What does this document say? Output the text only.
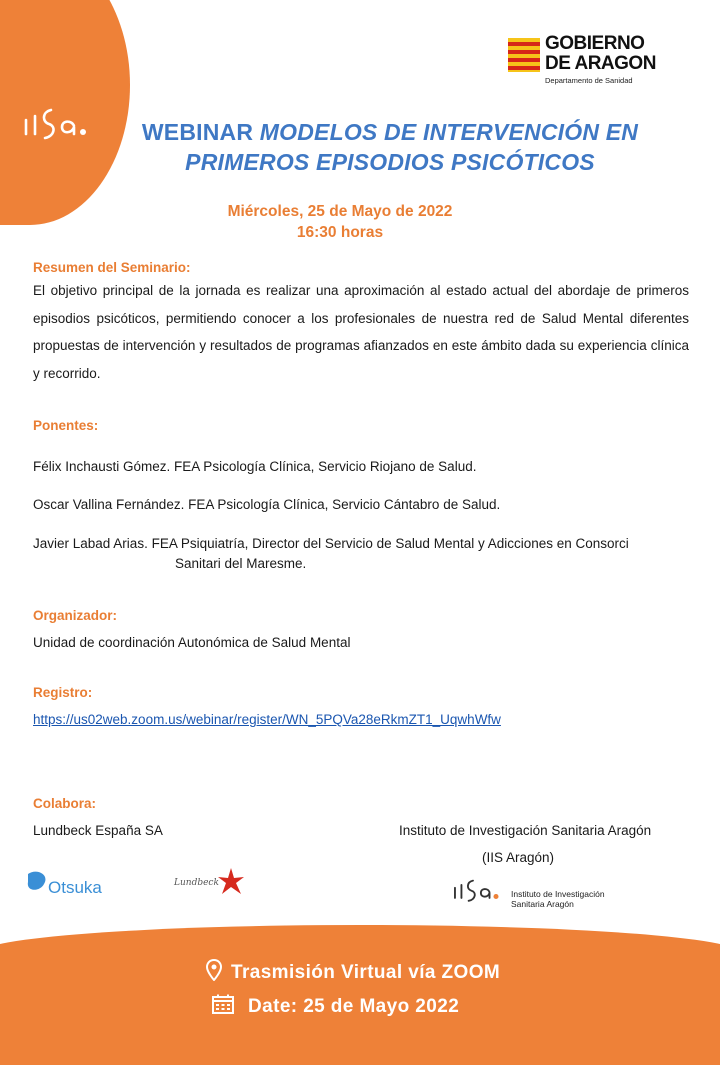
GOBIERNO
DE ARAGON
Departamento de Sanidad
WEBINAR MODELOS DE INTERVENCIÓN EN
PRIMEROS EPISODIOS PSICÓTICOS
Miércoles, 25 de Mayo de 2022
16:30 horas
Resumen del Seminario:
El objetivo principal de la jornada es realizar una aproximación al estado actual del abordaje de primeros episodios psicóticos, permitiendo conocer a los profesionales de nuestra red de Salud Mental diferentes propuestas de intervención y resultados de programas afianzados en este ámbito dada su experiencia clínica y recorrido.
Ponentes:
Félix Inchausti Gómez. FEA Psicología Clínica, Servicio Riojano de Salud.
Oscar Vallina Fernández. FEA Psicología Clínica, Servicio Cántabro de Salud.
Javier Labad Arias. FEA Psiquiatría, Director del Servicio de Salud Mental y Adicciones en Consorci
Sanitari del Maresme.
Organizador:
Unidad de coordinación Autonómica de Salud Mental
Registro:
https://us02web.zoom.us/webinar/register/WN_5PQVa28eRkmZT1_UqwhWfw
Colabora:
Lundbeck España SA	Instituto de Investigación Sanitaria Aragón
(IIS Aragón)
Otsuka	Lundbeck
Instituto de Investigación
Sanitaria Aragón
Trasmisión Virtual vía ZOOM
Date: 25 de Mayo 2022
